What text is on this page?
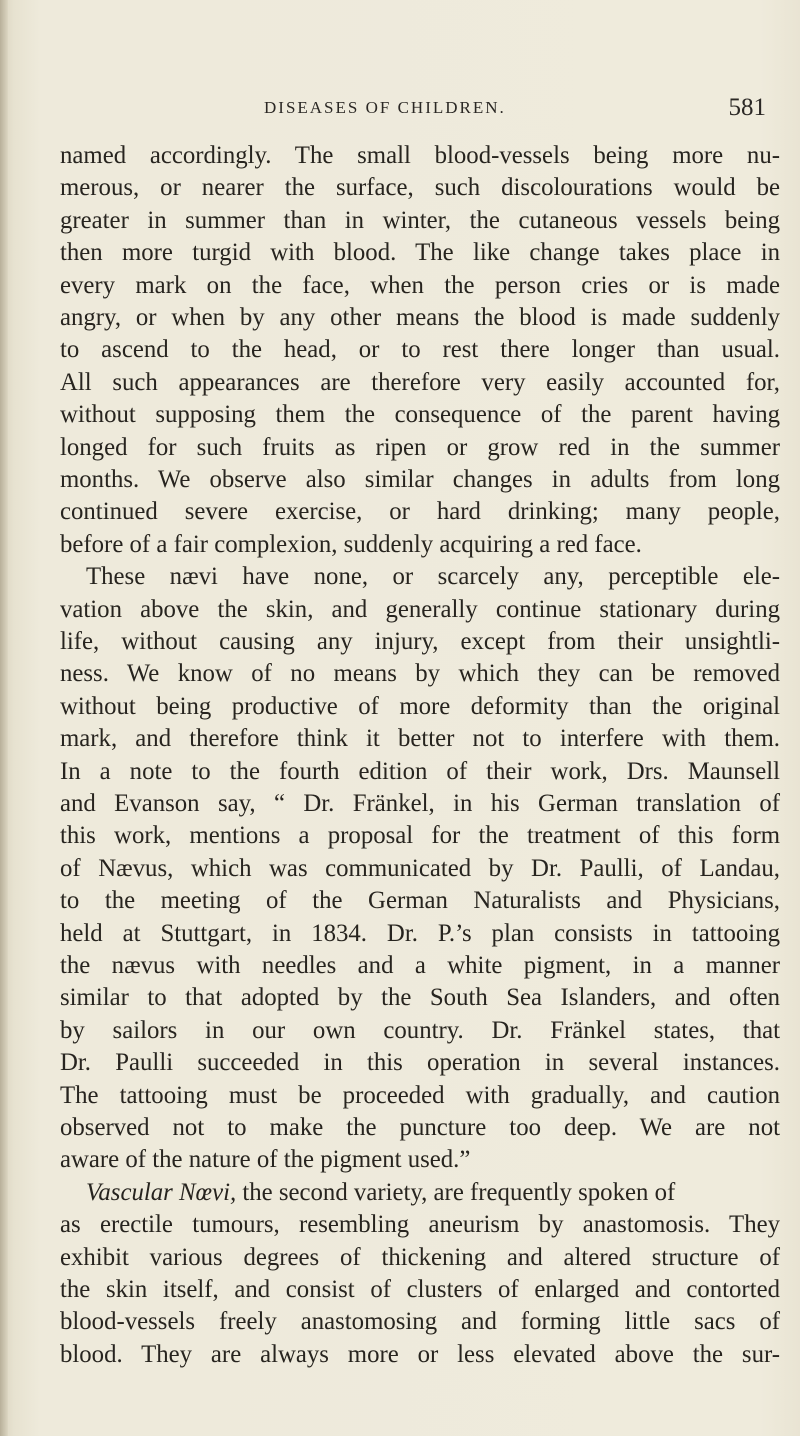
DISEASES OF CHILDREN.	581
named accordingly. The small blood-vessels being more nu-
merous, or nearer the surface, such discolourations would be
greater in summer than in winter, the cutaneous vessels being
then more turgid with blood. The like change takes place in
every mark on the face, when the person cries or is made
angry, or when by any other means the blood is made suddenly
to ascend to the head, or to rest there longer than usual.
All such appearances are therefore very easily accounted for,
without supposing them the consequence of the parent having
longed for such fruits as ripen or grow red in the summer
months. We observe also similar changes in adults from long
continued severe exercise, or hard drinking; many people,
before of a fair complexion, suddenly acquiring a red face.
These nævi have none, or scarcely any, perceptible ele-
vation above the skin, and generally continue stationary during
life, without causing any injury, except from their unsightli-
ness. We know of no means by which they can be removed
without being productive of more deformity than the original
mark, and therefore think it better not to interfere with them.
In a note to the fourth edition of their work, Drs. Maunsell
and Evanson say, “ Dr. Fränkel, in his German translation of
this work, mentions a proposal for the treatment of this form
of Nævus, which was communicated by Dr. Paulli, of Landau,
to the meeting of the German Naturalists and Physicians,
held at Stuttgart, in 1834. Dr. P.’s plan consists in tattooing
the nævus with needles and a white pigment, in a manner
similar to that adopted by the South Sea Islanders, and often
by sailors in our own country. Dr. Fränkel states, that
Dr. Paulli succeeded in this operation in several instances.
The tattooing must be proceeded with gradually, and caution
observed not to make the puncture too deep. We are not
aware of the nature of the pigment used.”
Vascular Nœvi, the second variety, are frequently spoken of
as erectile tumours, resembling aneurism by anastomosis. They
exhibit various degrees of thickening and altered structure of
the skin itself, and consist of clusters of enlarged and contorted
blood-vessels freely anastomosing and forming little sacs of
blood. They are always more or less elevated above the sur-
